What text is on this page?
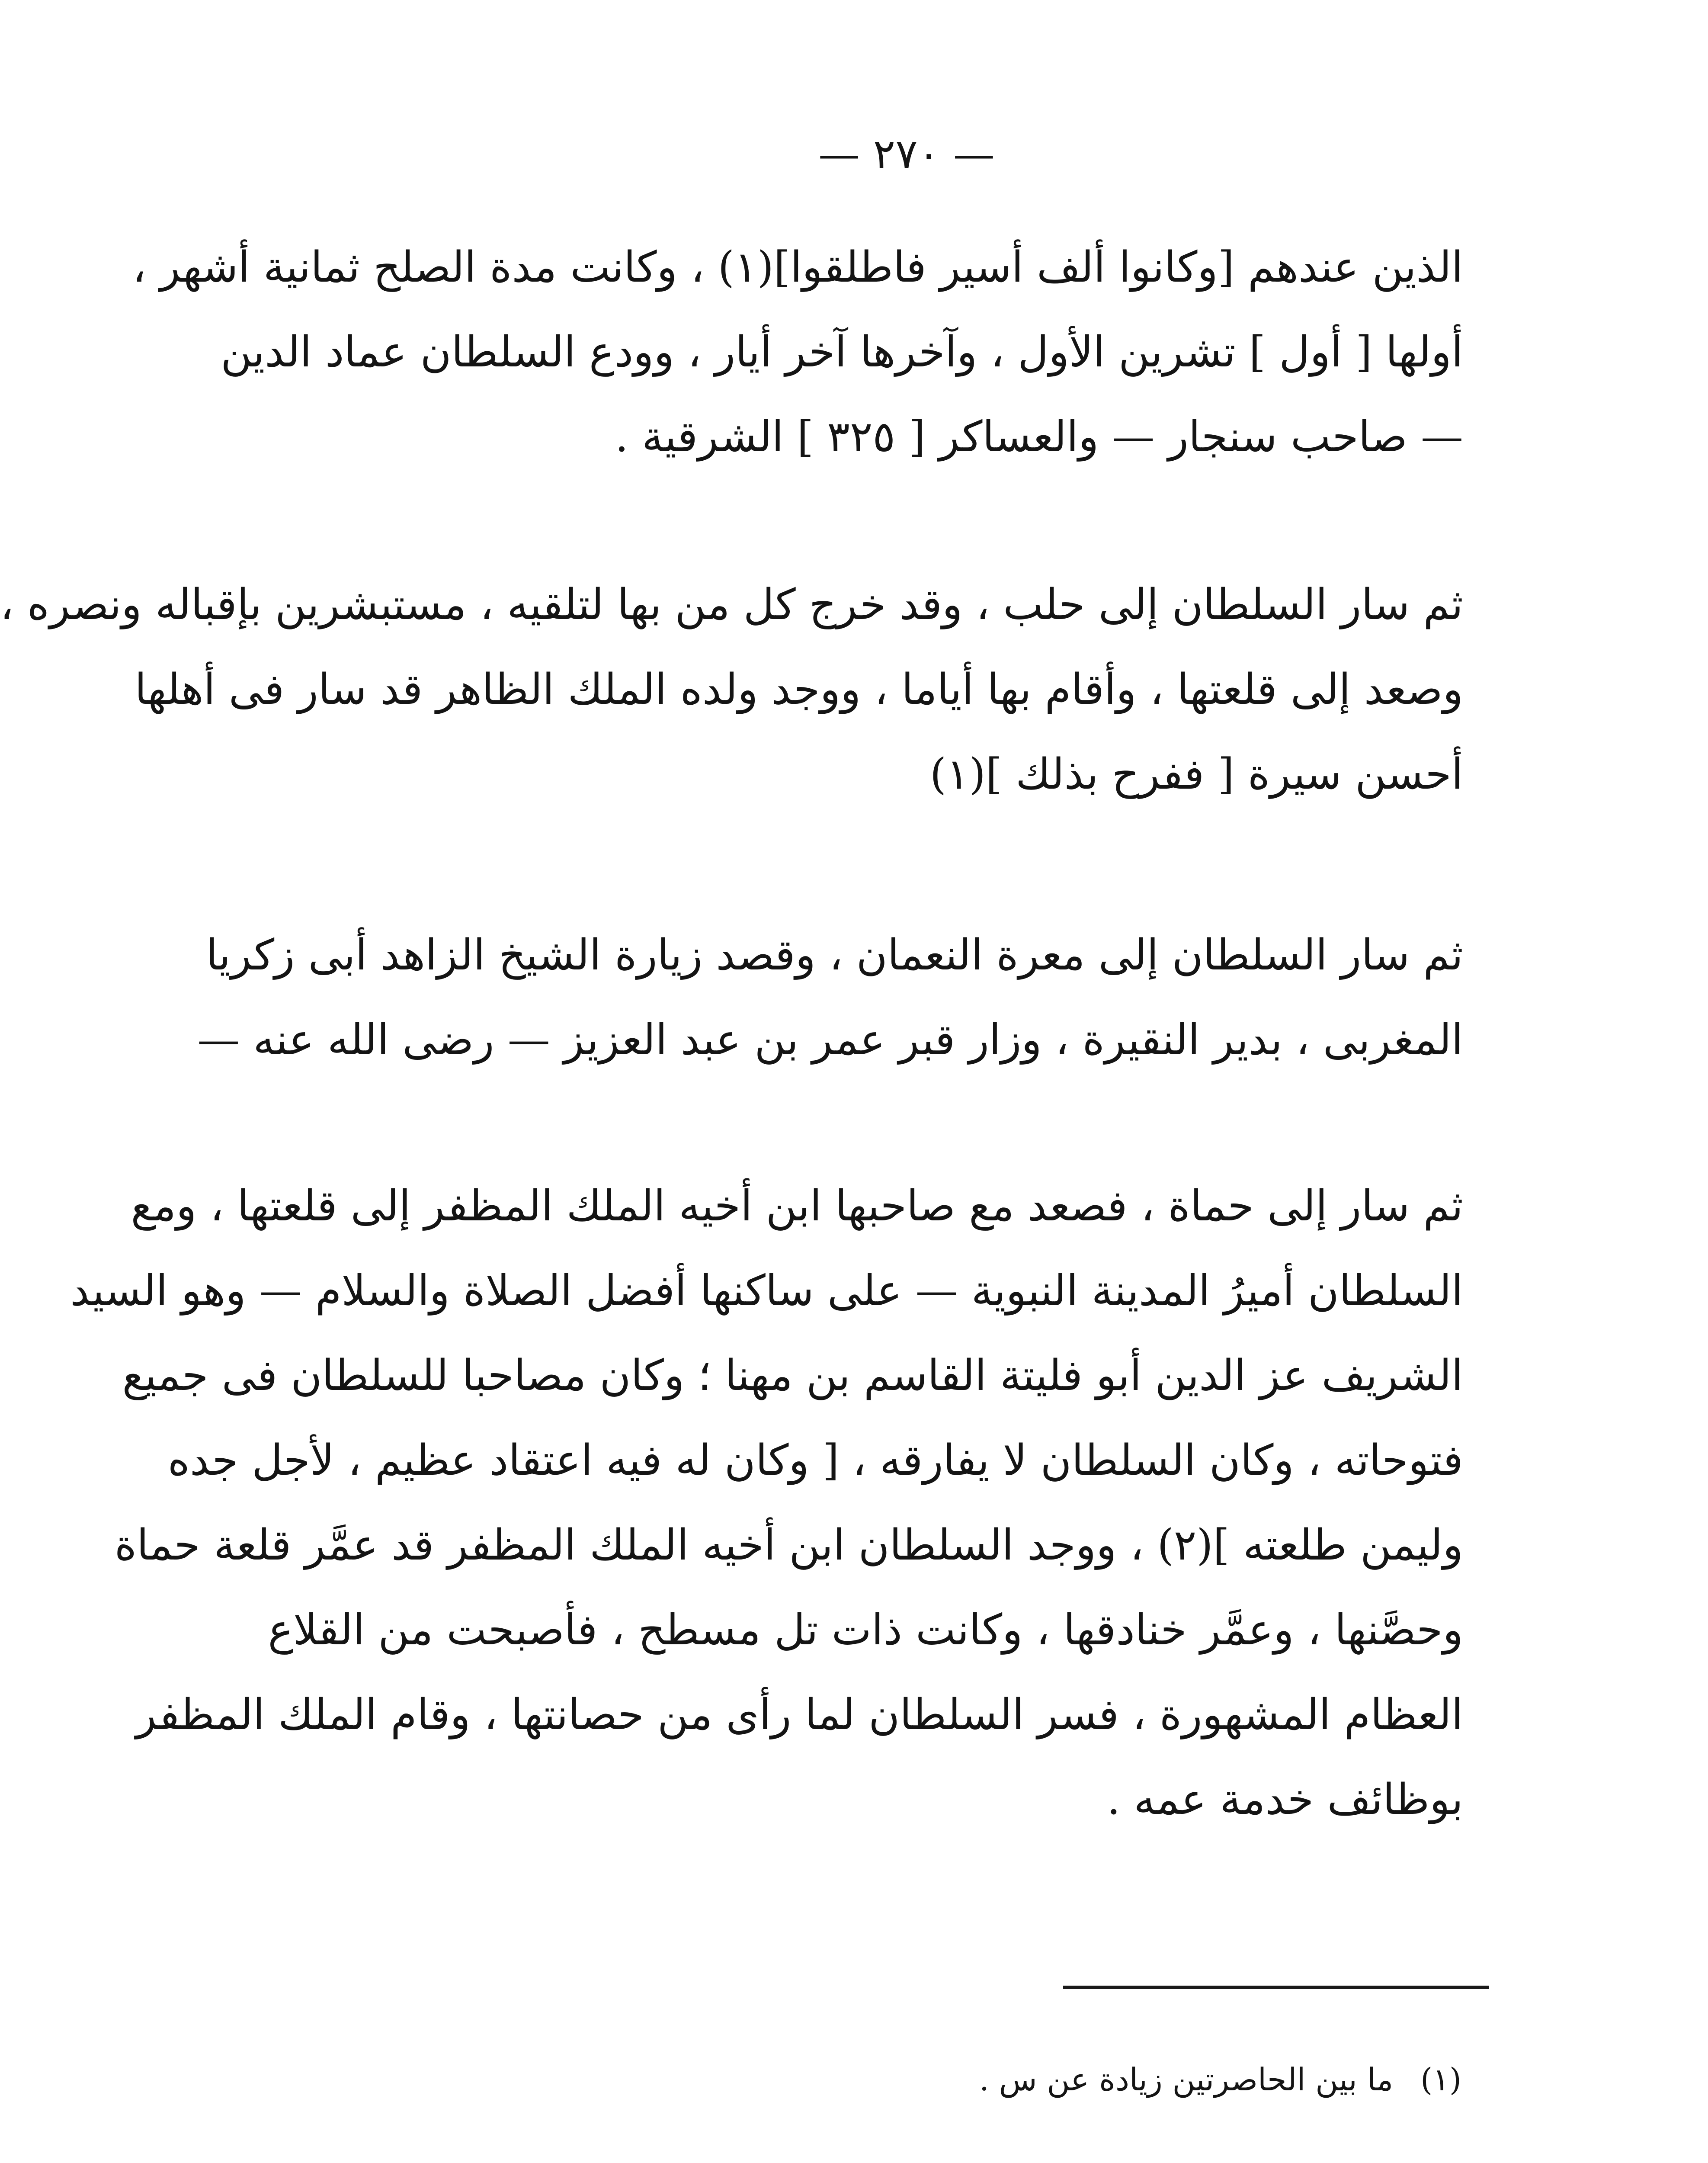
— ٢٧٠ —
الذين عندهم [وكانوا ألف أسير فاطلقوا](١) ، وكانت مدة الصلح ثمانية أشهر ،
أولها [ أول ] تشرين الأول ، وآخرها آخر أيار ، وودع السلطان عماد الدين
— صاحب سنجار — والعساكر [ ٣٢٥ ] الشرقية .
ثم سار السلطان إلى حلب ، وقد خرج كل من بها لتلقيه ، مستبشرين بإقباله ونصره ،
وصعد إلى قلعتها ، وأقام بها أياما ، ووجد ولده الملك الظاهر قد سار فى أهلها
أحسن سيرة [ ففرح بذلك ](١)
ثم سار السلطان إلى معرة النعمان ، وقصد زيارة الشيخ الزاهد أبى زكريا
المغربى ، بدير النقيرة ، وزار قبر عمر بن عبد العزيز — رضى الله عنه —
ثم سار إلى حماة ، فصعد مع صاحبها ابن أخيه الملك المظفر إلى قلعتها ، ومع
السلطان أميرُ المدينة النبوية — على ساكنها أفضل الصلاة والسلام — وهو السيد
الشريف عز الدين أبو فليتة القاسم بن مهنا ؛ وكان مصاحبا للسلطان فى جميع
فتوحاته ، وكان السلطان لا يفارقه ، [ وكان له فيه اعتقاد عظيم ، لأجل جده
وليمن طلعته ](٢) ، ووجد السلطان ابن أخيه الملك المظفر قد عمَّر قلعة حماة
وحصَّنها ، وعمَّر خنادقها ، وكانت ذات تل مسطح ، فأصبحت من القلاع
العظام المشهورة ، فسر السلطان لما رأى من حصانتها ، وقام الملك المظفر
بوظائف خدمة عمه .
(١) ما بين الحاصرتين زيادة عن س .
